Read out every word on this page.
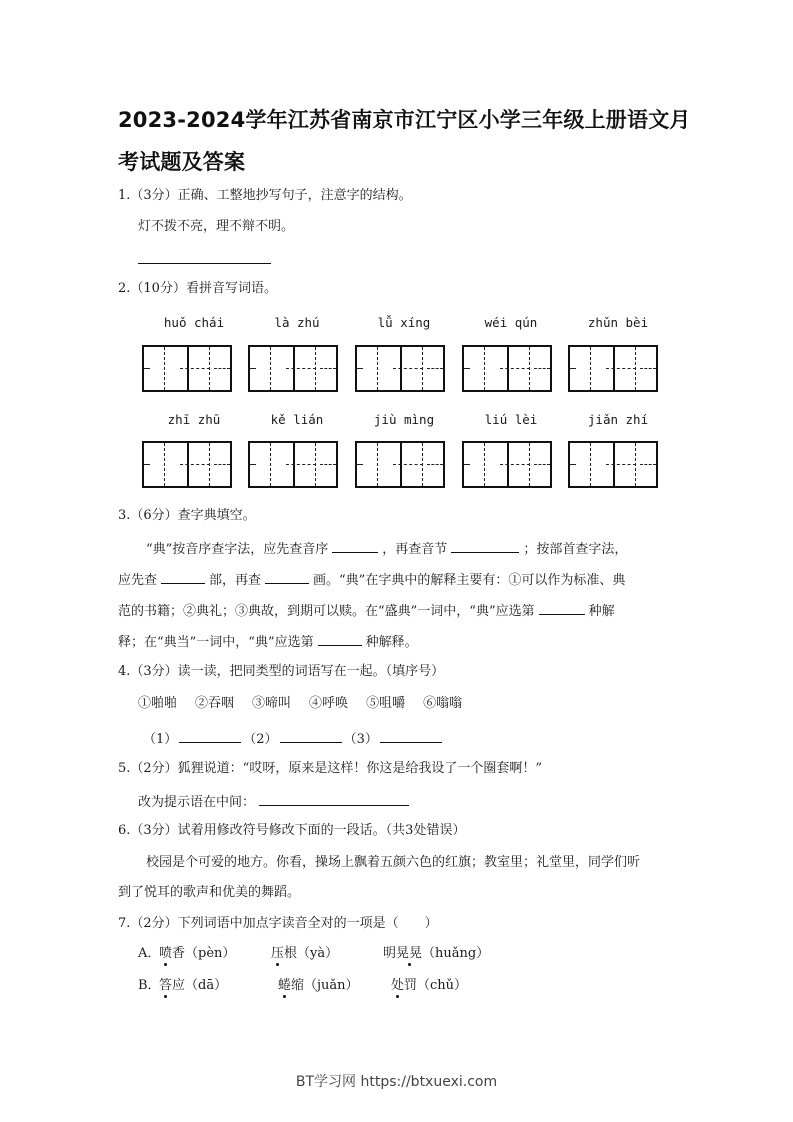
2023-2024学年江苏省南京市江宁区小学三年级上册语文月
考试题及答案
1.（3分）正确、工整地抄写句子，注意字的结构。
灯不拨不亮，理不辩不明。
2.（10分）看拼音写词语。
huǒ chái	là zhú	lǚ xíng	wéi qún	zhǔn bèi
zhī zhū	kě lián	jiù mìng	liú lèi	jiǎn zhí
3.（6分）查字典填空。
“典”按音序查字法，应先查音序	，再查音节	；按部首查字法，
应先查	部，再查	画。“典”在字典中的解释主要有：①可以作为标准、典
范的书籍；②典礼；③典故，到期可以赎。在“盛典”一词中，“典”应选第	种解
释；在“典当”一词中，“典”应选第	种解释。
4.（3分）读一读，把同类型的词语写在一起。（填序号）
①啪啪 ②吞咽 ③啼叫 ④呼唤 ⑤咀嚼 ⑥嗡嗡
（1）	（2）	（3）
5.（2分）狐狸说道：“哎呀，原来是这样！你这是给我设了一个圈套啊！”
改为提示语在中间：
6.（3分）试着用修改符号修改下面的一段话。（共3处错误）
校园是个可爱的地方。你看，操场上飘着五颜六色的红旗；教室里；礼堂里，同学们听
到了悦耳的歌声和优美的舞蹈。
7.（2分）下列词语中加点字读音全对的一项是（　　）
A．
喷香（pèn）	压根（yà）	明晃晃（huǎng）
B．
答应（dā）	蜷缩（juǎn） 处罚（chǔ）
BT学习网 https://btxuexi.com
